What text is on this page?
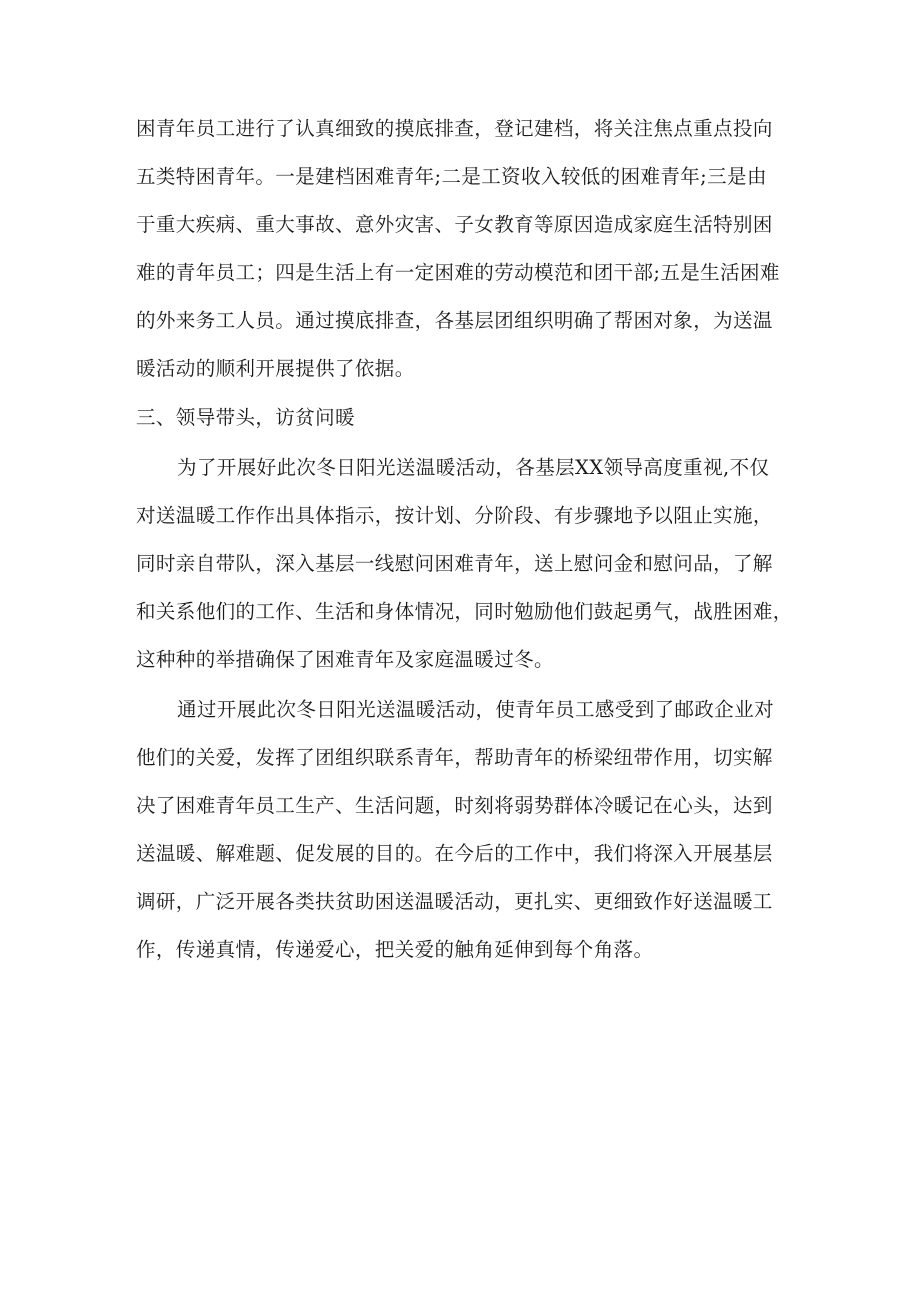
困青年员工进行了认真细致的摸底排查，登记建档，将关注焦点重点投向
五类特困青年。一是建档困难青年;二是工资收入较低的困难青年;三是由
于重大疾病、重大事故、意外灾害、子女教育等原因造成家庭生活特别困
难的青年员工；四是生活上有一定困难的劳动模范和团干部;五是生活困难
的外来务工人员。通过摸底排查，各基层团组织明确了帮困对象，为送温
暖活动的顺利开展提供了依据。
三、领导带头，访贫问暖
为了开展好此次冬日阳光送温暖活动，各基层XX领导高度重视,不仅
对送温暖工作作出具体指示，按计划、分阶段、有步骤地予以阻止实施，
同时亲自带队，深入基层一线慰问困难青年，送上慰问金和慰问品，了解
和关系他们的工作、生活和身体情况，同时勉励他们鼓起勇气，战胜困难，
这种种的举措确保了困难青年及家庭温暖过冬。
通过开展此次冬日阳光送温暖活动，使青年员工感受到了邮政企业对
他们的关爱，发挥了团组织联系青年，帮助青年的桥梁纽带作用，切实解
决了困难青年员工生产、生活问题，时刻将弱势群体冷暖记在心头，达到
送温暖、解难题、促发展的目的。在今后的工作中，我们将深入开展基层
调研，广泛开展各类扶贫助困送温暖活动，更扎实、更细致作好送温暖工
作，传递真情，传递爱心，把关爱的触角延伸到每个角落。
